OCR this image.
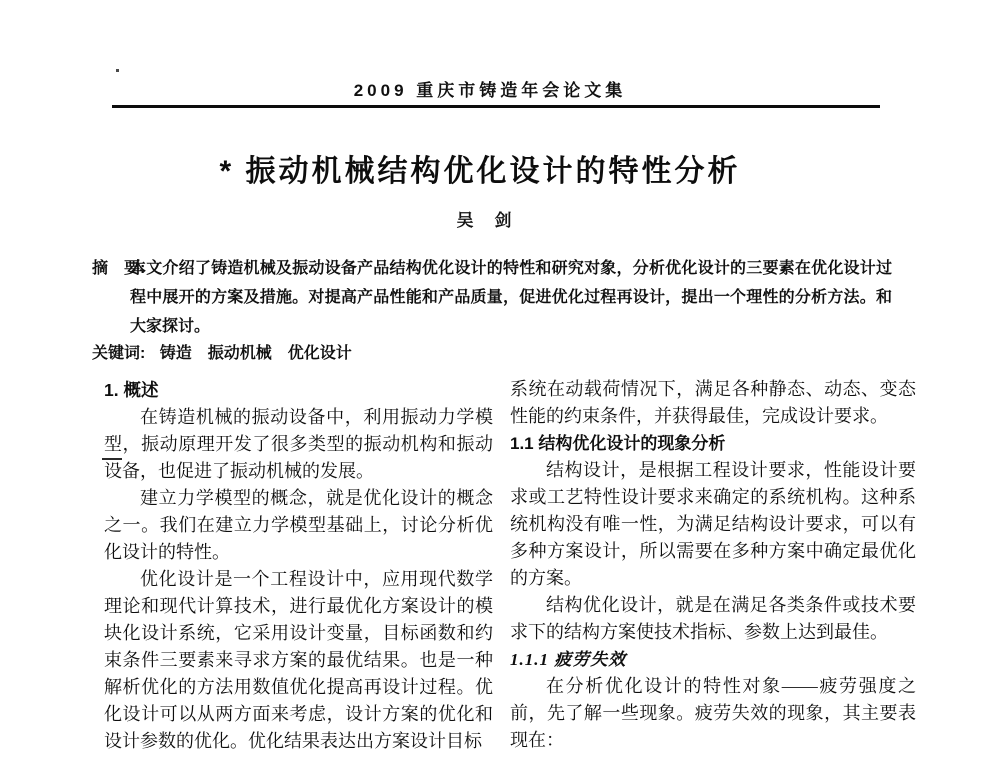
2009 重庆市铸造年会论文集
* 振动机械结构优化设计的特性分析
吴　剑
摘　要:
本文介绍了铸造机械及振动设备产品结构优化设计的特性和研究对象，分析优化设计的三要素在优化设计过程中展开的方案及措施。对提高产品性能和产品质量，促进优化过程再设计，提出一个理性的分析方法。和大家探讨。
关键词: 铸造　振动机械　优化设计
1. 概述

在铸造机械的振动设备中，利用振动力学模型，振动原理开发了很多类型的振动机构和振动设备，也促进了振动机械的发展。

建立力学模型的概念，就是优化设计的概念之一。我们在建立力学模型基础上，讨论分析优化设计的特性。

优化设计是一个工程设计中，应用现代数学理论和现代计算技术，进行最优化方案设计的模块化设计系统，它采用设计变量，目标函数和约束条件三要素来寻求方案的最优结果。也是一种解析优化的方法用数值优化提高再设计过程。优化设计可以从两方面来考虑，设计方案的优化和设计参数的优化。优化结果表达出方案设计目标

系统在动载荷情况下，满足各种静态、动态、变态性能的约束条件，并获得最佳，完成设计要求。

1.1 结构优化设计的现象分析

结构设计，是根据工程设计要求，性能设计要求或工艺特性设计要求来确定的系统机构。这种系统机构没有唯一性，为满足结构设计要求，可以有多种方案设计，所以需要在多种方案中确定最优化的方案。

结构优化设计，就是在满足各类条件或技术要求下的结构方案使技术指标、参数上达到最佳。

1.1.1 疲劳失效

在分析优化设计的特性对象——疲劳强度之前，先了解一些现象。疲劳失效的现象，其主要表现在：
